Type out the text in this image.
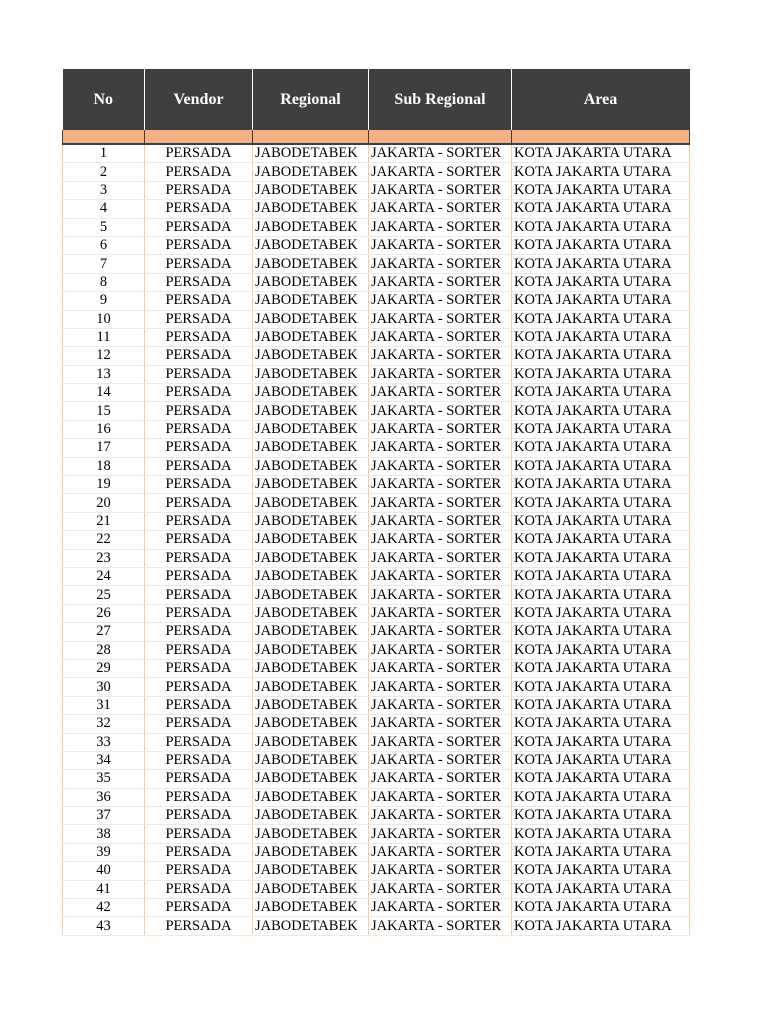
No	Vendor	Regional	Sub Regional	Area

1	PERSADA	JABODETABEK	JAKARTA - SORTER	KOTA JAKARTA UTARA
2	PERSADA	JABODETABEK	JAKARTA - SORTER	KOTA JAKARTA UTARA
3	PERSADA	JABODETABEK	JAKARTA - SORTER	KOTA JAKARTA UTARA
4	PERSADA	JABODETABEK	JAKARTA - SORTER	KOTA JAKARTA UTARA
5	PERSADA	JABODETABEK	JAKARTA - SORTER	KOTA JAKARTA UTARA
6	PERSADA	JABODETABEK	JAKARTA - SORTER	KOTA JAKARTA UTARA
7	PERSADA	JABODETABEK	JAKARTA - SORTER	KOTA JAKARTA UTARA
8	PERSADA	JABODETABEK	JAKARTA - SORTER	KOTA JAKARTA UTARA
9	PERSADA	JABODETABEK	JAKARTA - SORTER	KOTA JAKARTA UTARA
10	PERSADA	JABODETABEK	JAKARTA - SORTER	KOTA JAKARTA UTARA
11	PERSADA	JABODETABEK	JAKARTA - SORTER	KOTA JAKARTA UTARA
12	PERSADA	JABODETABEK	JAKARTA - SORTER	KOTA JAKARTA UTARA
13	PERSADA	JABODETABEK	JAKARTA - SORTER	KOTA JAKARTA UTARA
14	PERSADA	JABODETABEK	JAKARTA - SORTER	KOTA JAKARTA UTARA
15	PERSADA	JABODETABEK	JAKARTA - SORTER	KOTA JAKARTA UTARA
16	PERSADA	JABODETABEK	JAKARTA - SORTER	KOTA JAKARTA UTARA
17	PERSADA	JABODETABEK	JAKARTA - SORTER	KOTA JAKARTA UTARA
18	PERSADA	JABODETABEK	JAKARTA - SORTER	KOTA JAKARTA UTARA
19	PERSADA	JABODETABEK	JAKARTA - SORTER	KOTA JAKARTA UTARA
20	PERSADA	JABODETABEK	JAKARTA - SORTER	KOTA JAKARTA UTARA
21	PERSADA	JABODETABEK	JAKARTA - SORTER	KOTA JAKARTA UTARA
22	PERSADA	JABODETABEK	JAKARTA - SORTER	KOTA JAKARTA UTARA
23	PERSADA	JABODETABEK	JAKARTA - SORTER	KOTA JAKARTA UTARA
24	PERSADA	JABODETABEK	JAKARTA - SORTER	KOTA JAKARTA UTARA
25	PERSADA	JABODETABEK	JAKARTA - SORTER	KOTA JAKARTA UTARA
26	PERSADA	JABODETABEK	JAKARTA - SORTER	KOTA JAKARTA UTARA
27	PERSADA	JABODETABEK	JAKARTA - SORTER	KOTA JAKARTA UTARA
28	PERSADA	JABODETABEK	JAKARTA - SORTER	KOTA JAKARTA UTARA
29	PERSADA	JABODETABEK	JAKARTA - SORTER	KOTA JAKARTA UTARA
30	PERSADA	JABODETABEK	JAKARTA - SORTER	KOTA JAKARTA UTARA
31	PERSADA	JABODETABEK	JAKARTA - SORTER	KOTA JAKARTA UTARA
32	PERSADA	JABODETABEK	JAKARTA - SORTER	KOTA JAKARTA UTARA
33	PERSADA	JABODETABEK	JAKARTA - SORTER	KOTA JAKARTA UTARA
34	PERSADA	JABODETABEK	JAKARTA - SORTER	KOTA JAKARTA UTARA
35	PERSADA	JABODETABEK	JAKARTA - SORTER	KOTA JAKARTA UTARA
36	PERSADA	JABODETABEK	JAKARTA - SORTER	KOTA JAKARTA UTARA
37	PERSADA	JABODETABEK	JAKARTA - SORTER	KOTA JAKARTA UTARA
38	PERSADA	JABODETABEK	JAKARTA - SORTER	KOTA JAKARTA UTARA
39	PERSADA	JABODETABEK	JAKARTA - SORTER	KOTA JAKARTA UTARA
40	PERSADA	JABODETABEK	JAKARTA - SORTER	KOTA JAKARTA UTARA
41	PERSADA	JABODETABEK	JAKARTA - SORTER	KOTA JAKARTA UTARA
42	PERSADA	JABODETABEK	JAKARTA - SORTER	KOTA JAKARTA UTARA
43	PERSADA	JABODETABEK	JAKARTA - SORTER	KOTA JAKARTA UTARA
